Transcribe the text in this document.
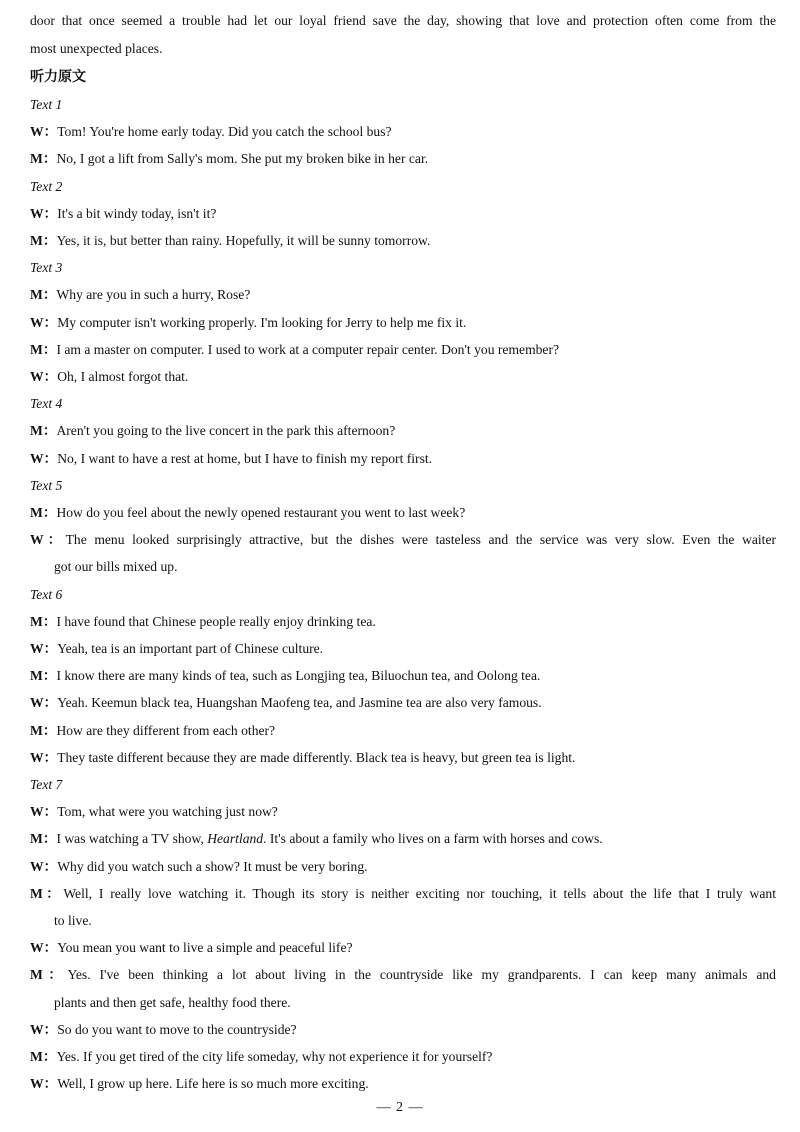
door that once seemed a trouble had let our loyal friend save the day, showing that love and protection often come from the
most unexpected places.
听力原文
Text 1
W：Tom! You're home early today. Did you catch the school bus?
M：No, I got a lift from Sally's mom. She put my broken bike in her car.
Text 2
W：It's a bit windy today, isn't it?
M：Yes, it is, but better than rainy. Hopefully, it will be sunny tomorrow.
Text 3
M：Why are you in such a hurry, Rose?
W：My computer isn't working properly. I'm looking for Jerry to help me fix it.
M：I am a master on computer. I used to work at a computer repair center. Don't you remember?
W：Oh, I almost forgot that.
Text 4
M：Aren't you going to the live concert in the park this afternoon?
W：No, I want to have a rest at home, but I have to finish my report first.
Text 5
M：How do you feel about the newly opened restaurant you went to last week?
W：The menu looked surprisingly attractive, but the dishes were tasteless and the service was very slow. Even the waiter
got our bills mixed up.
Text 6
M：I have found that Chinese people really enjoy drinking tea.
W：Yeah, tea is an important part of Chinese culture.
M：I know there are many kinds of tea, such as Longjing tea, Biluochun tea, and Oolong tea.
W：Yeah. Keemun black tea, Huangshan Maofeng tea, and Jasmine tea are also very famous.
M：How are they different from each other?
W：They taste different because they are made differently. Black tea is heavy, but green tea is light.
Text 7
W：Tom, what were you watching just now?
M：I was watching a TV show, Heartland. It's about a family who lives on a farm with horses and cows.
W：Why did you watch such a show? It must be very boring.
M：Well, I really love watching it. Though its story is neither exciting nor touching, it tells about the life that I truly want
to live.
W：You mean you want to live a simple and peaceful life?
M：Yes. I've been thinking a lot about living in the countryside like my grandparents. I can keep many animals and
plants and then get safe, healthy food there.
W：So do you want to move to the countryside?
M：Yes. If you get tired of the city life someday, why not experience it for yourself?
W：Well, I grow up here. Life here is so much more exciting.
— 2 —
